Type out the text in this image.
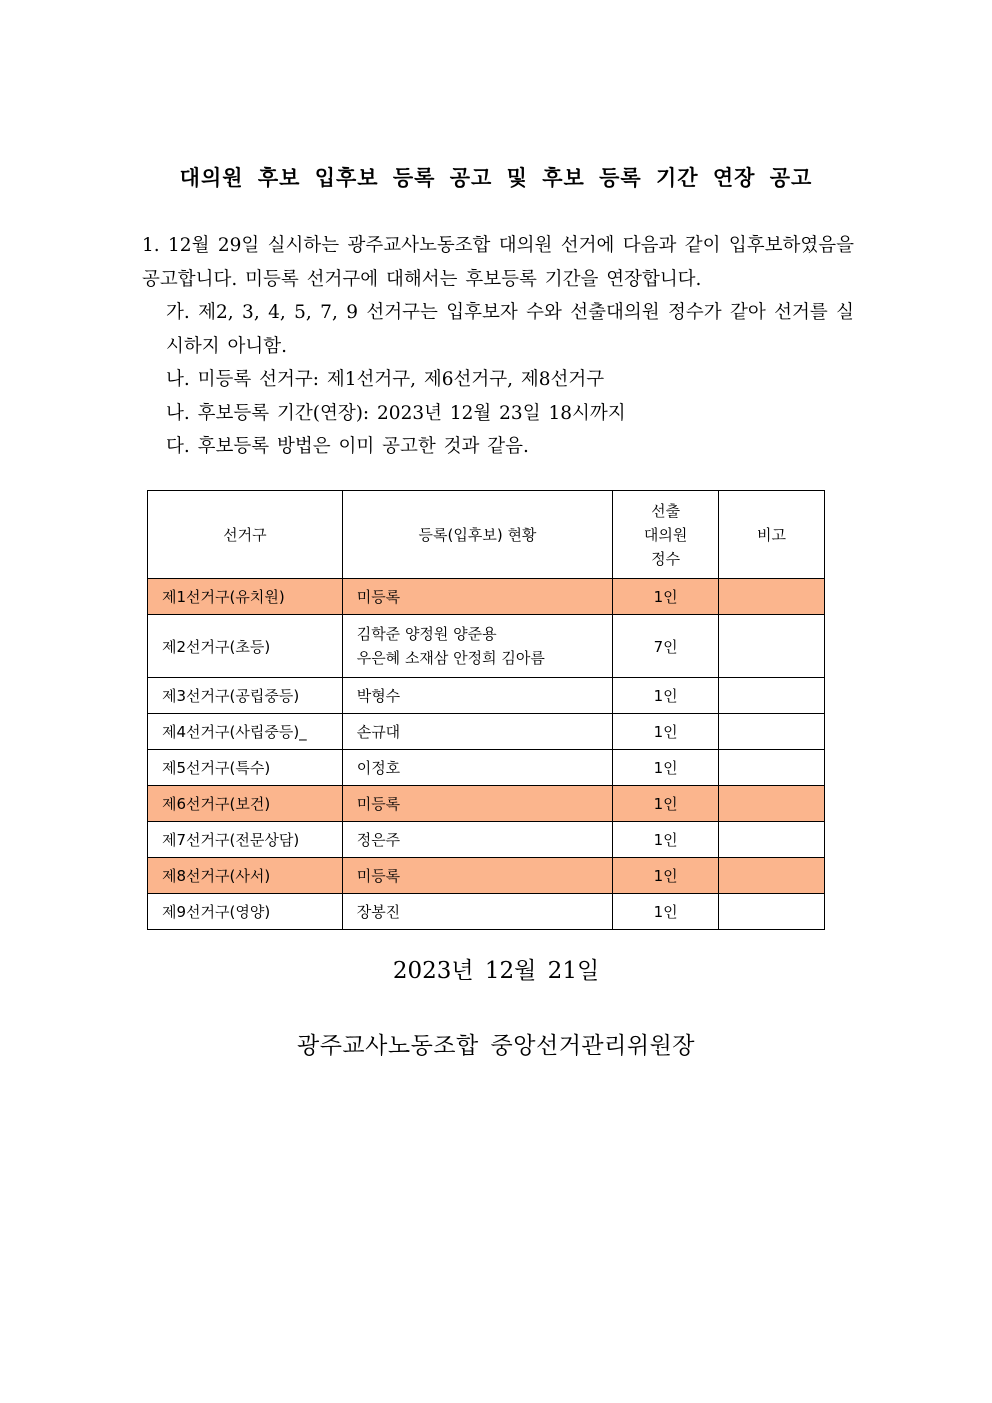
대의원 후보 입후보 등록 공고 및 후보 등록 기간 연장 공고

1. 12월 29일 실시하는 광주교사노동조합 대의원 선거에 다음과 같이 입후보하였음을 공고합니다. 미등록 선거구에 대해서는 후보등록 기간을 연장합니다.

가. 제2, 3, 4, 5, 7, 9 선거구는 입후보자 수와 선출대의원 정수가 같아 선거를 실시하지 아니함.

나. 미등록 선거구: 제1선거구, 제6선거구, 제8선거구

나. 후보등록 기간(연장): 2023년 12월 23일 18시까지

다. 후보등록 방법은 이미 공고한 것과 같음.

선거구	등록(입후보) 현황	선출
대의원
정수	비고
제1선거구(유치원)	미등록	1인	
제2선거구(초등)	김학준 양정원 양준용
우은혜 소재삼 안정희 김아름	7인	
제3선거구(공립중등)	박형수	1인	
제4선거구(사립중등)_	손규대	1인	
제5선거구(특수)	이정호	1인	
제6선거구(보건)	미등록	1인	
제7선거구(전문상담)	정은주	1인	
제8선거구(사서)	미등록	1인	
제9선거구(영양)	장봉진	1인	
2023년 12월 21일
광주교사노동조합 중앙선거관리위원장
